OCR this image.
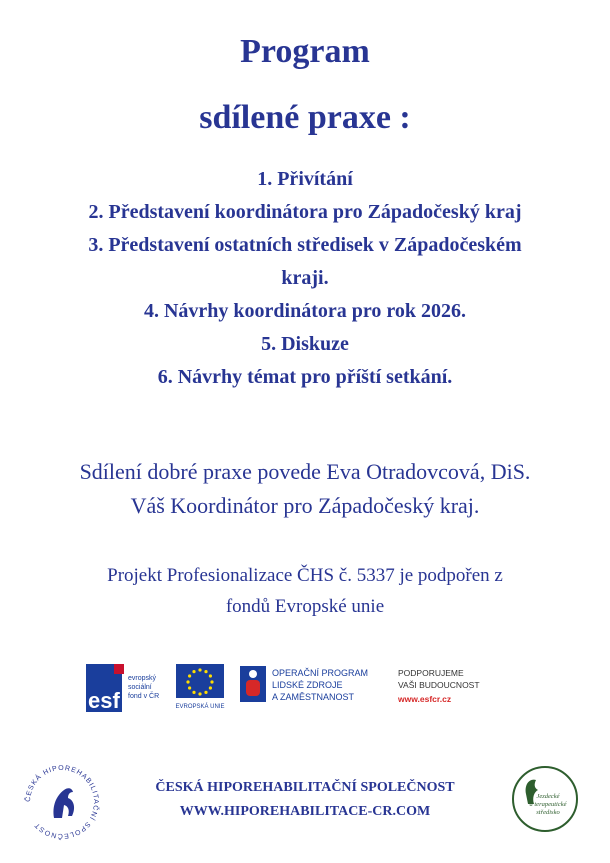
Program
sdílené praxe :
1. Přivítání
2. Představení koordinátora pro Západočeský kraj
3. Představení ostatních středisek v Západočeském
kraji.
4. Návrhy koordinátora pro rok 2026.
5. Diskuze
6. Návrhy témat pro příští setkání.
Sdílení dobré praxe povede Eva Otradovcová, DiS.
Váš Koordinátor pro Západočeský kraj.
Projekt Profesionalizace ČHS č. 5337 je podpořen z
fondů Evropské unie
esf
evropský
sociální
fond v ČR
EVROPSKÁ UNIE
OPERAČNÍ PROGRAM
LIDSKÉ ZDROJE
A ZAMĚSTNANOST
PODPORUJEME
VAŠI BUDOUCNOST
www.esfcr.cz
ČESKÁ HIPOREHABILITAČNÍ SPOLEČNOST
ČESKÁ HIPOREHABILITAČNÍ SPOLEČNOST
WWW.HIPOREHABILITACE-CR.COM
Jezdecké
a terapeutické
středisko
